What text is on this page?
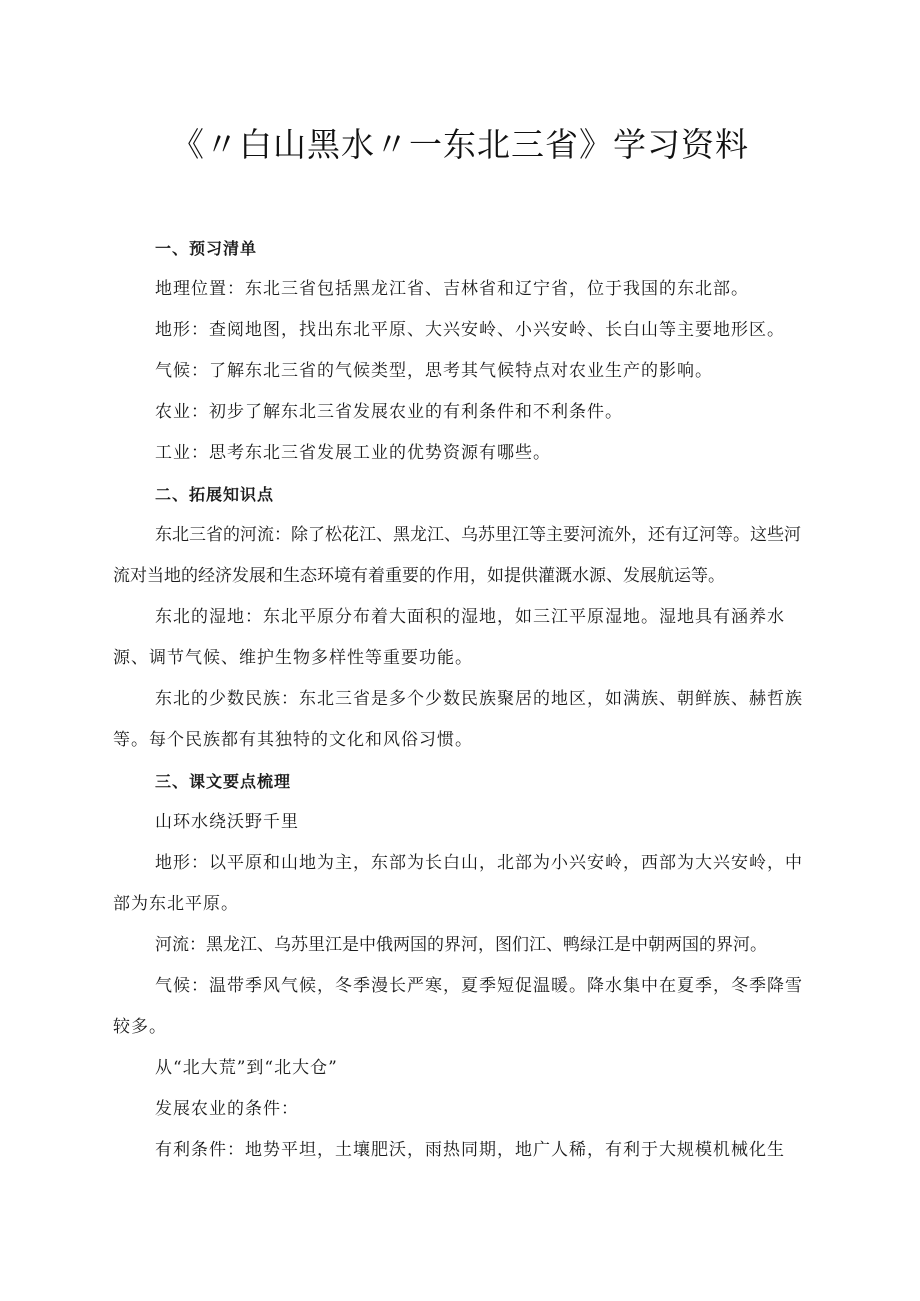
《〃白山黑水〃一东北三省》学习资料

一、预习清单

地理位置：东北三省包括黑龙江省、吉林省和辽宁省，位于我国的东北部。

地形：查阅地图，找出东北平原、大兴安岭、小兴安岭、长白山等主要地形区。

气候：了解东北三省的气候类型，思考其气候特点对农业生产的影响。

农业：初步了解东北三省发展农业的有利条件和不利条件。

工业：思考东北三省发展工业的优势资源有哪些。

二、拓展知识点

东北三省的河流：除了松花江、黑龙江、乌苏里江等主要河流外，还有辽河等。这些河流对当地的经济发展和生态环境有着重要的作用，如提供灌溉水源、发展航运等。

东北的湿地：东北平原分布着大面积的湿地，如三江平原湿地。湿地具有涵养水源、调节气候、维护生物多样性等重要功能。

东北的少数民族：东北三省是多个少数民族聚居的地区，如满族、朝鲜族、赫哲族等。每个民族都有其独特的文化和风俗习惯。

三、课文要点梳理

山环水绕沃野千里

地形：以平原和山地为主，东部为长白山，北部为小兴安岭，西部为大兴安岭，中部为东北平原。

河流：黑龙江、乌苏里江是中俄两国的界河，图们江、鸭绿江是中朝两国的界河。

气候：温带季风气候，冬季漫长严寒，夏季短促温暖。降水集中在夏季，冬季降雪较多。

从“北大荒”到“北大仓”

发展农业的条件：

有利条件：地势平坦，土壤肥沃，雨热同期，地广人稀，有利于大规模机械化生
